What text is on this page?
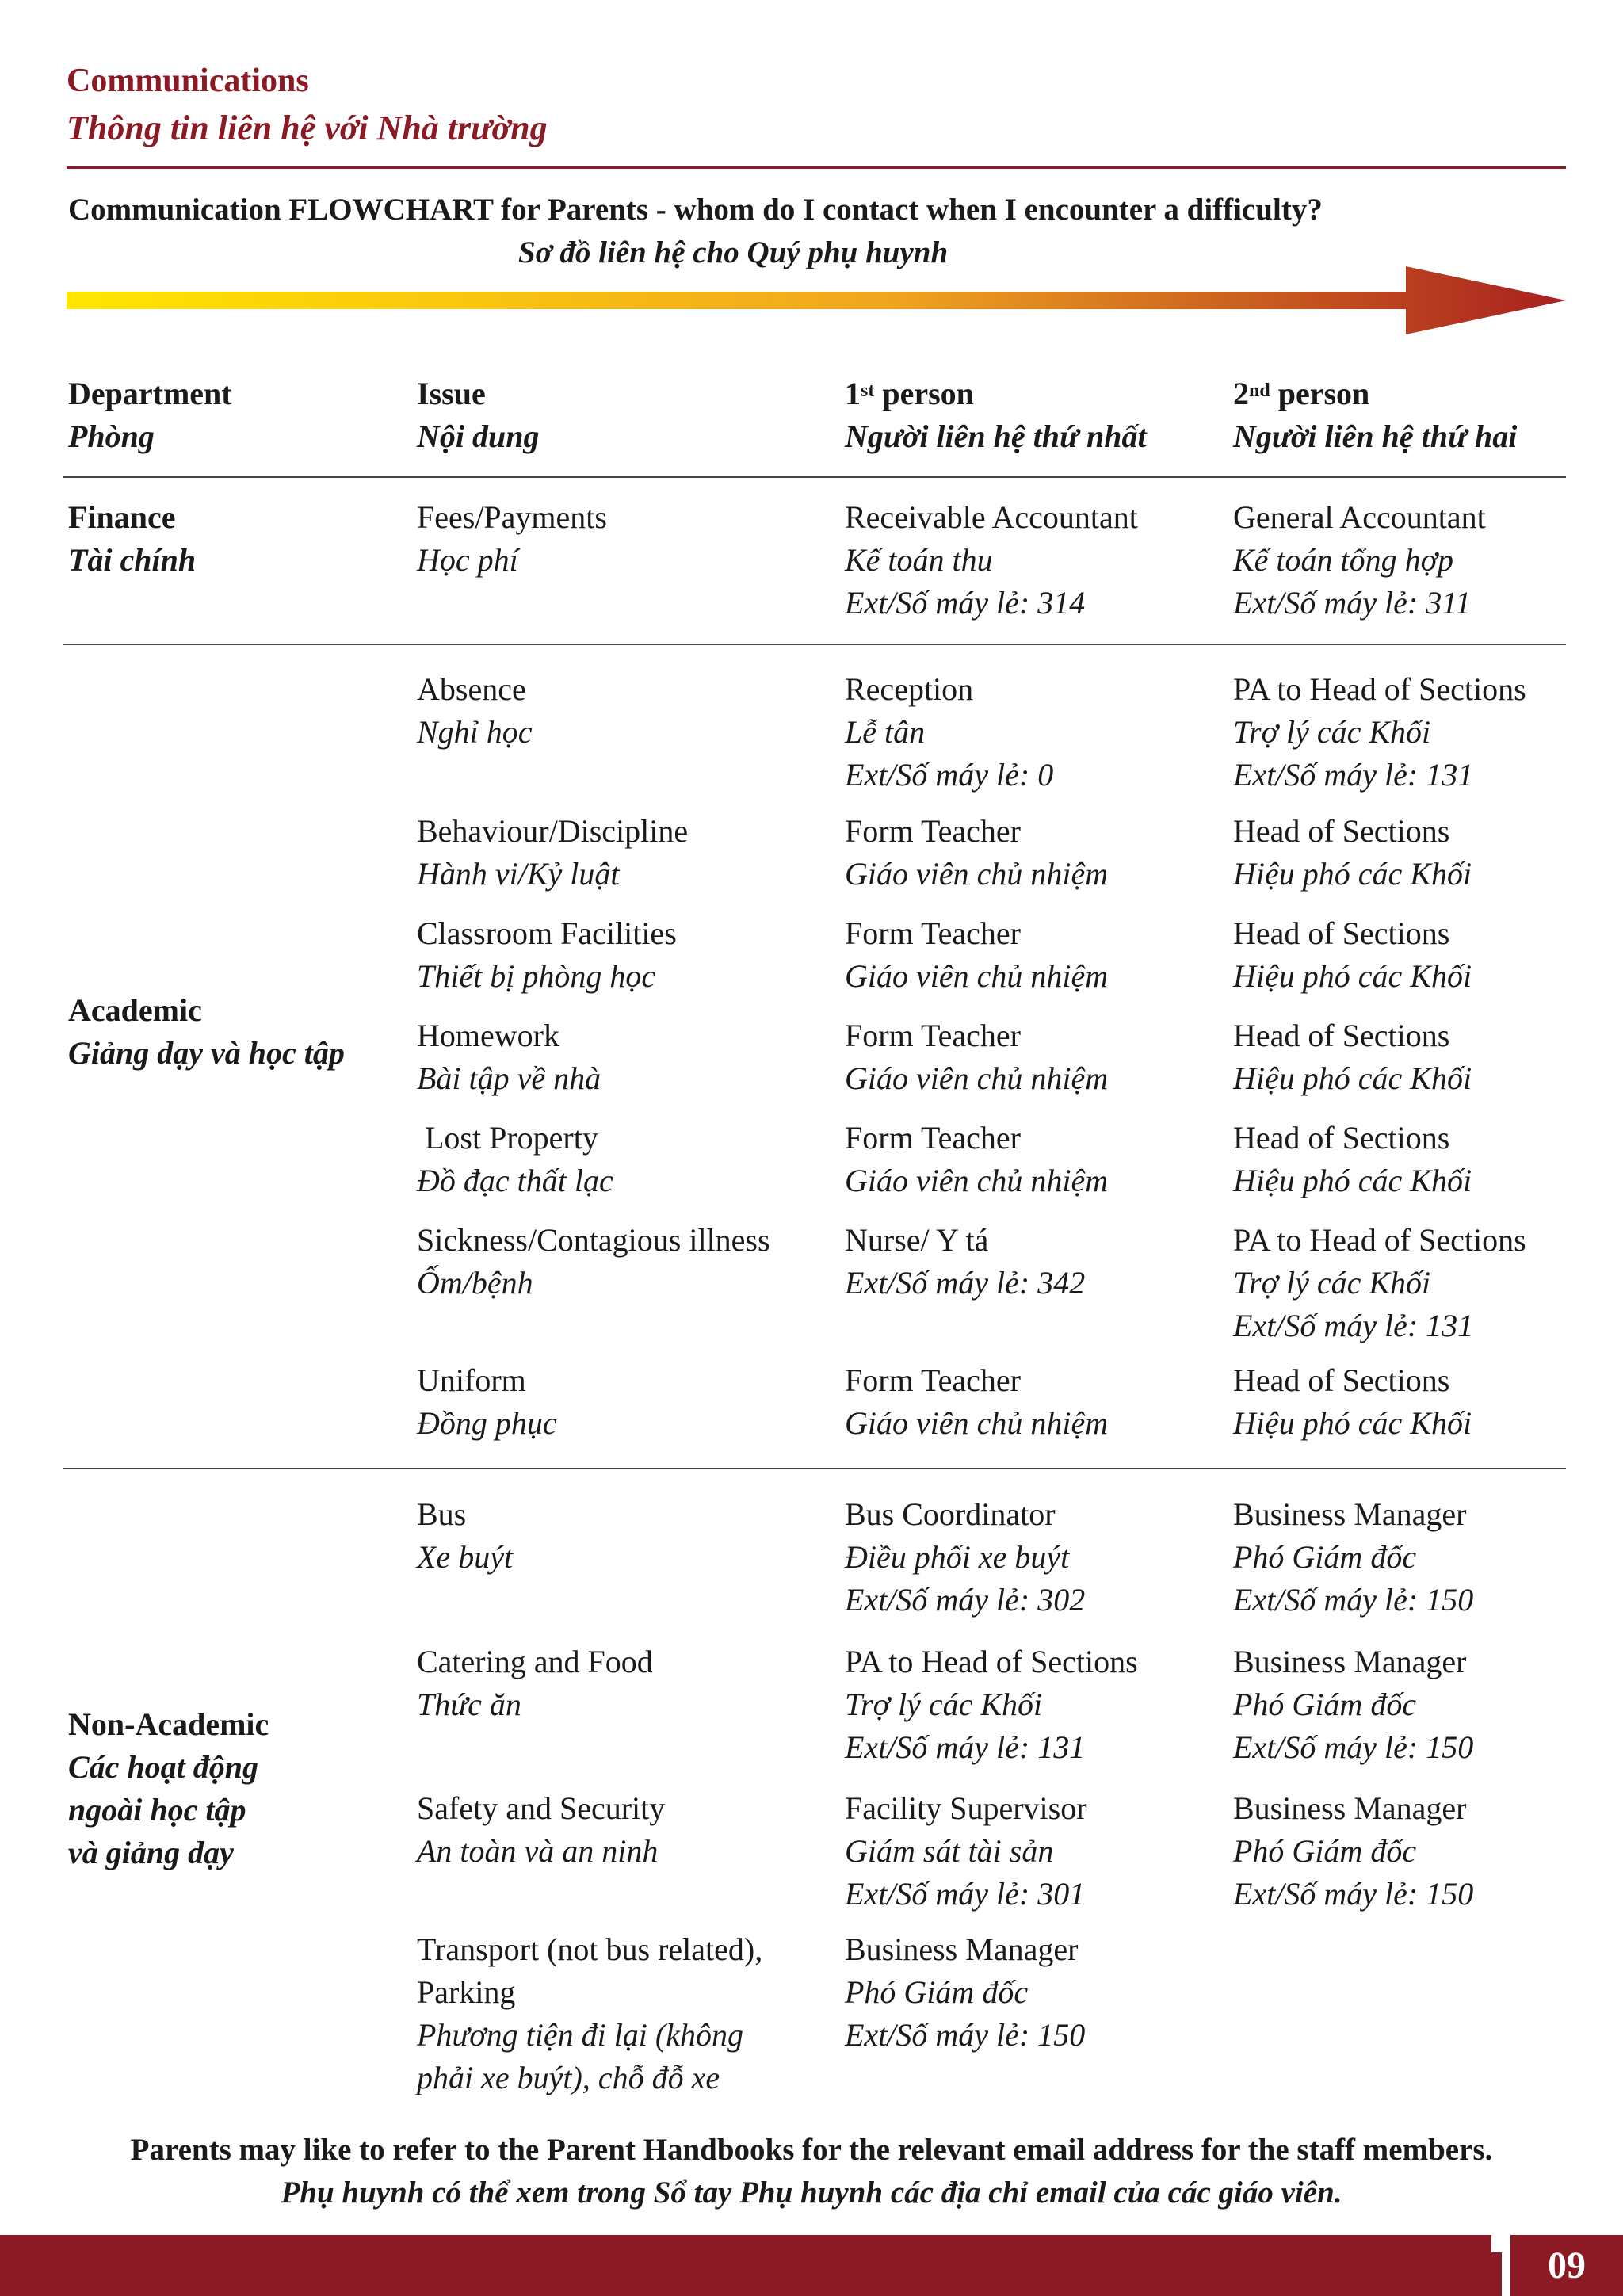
Communications
Thông tin liên hệ với Nhà trường
Communication FLOWCHART for Parents - whom do I contact when I encounter a difficulty?
Sơ đồ liên hệ cho Quý phụ huynh
Department
Phòng
Issue
Nội dung
1st person
Người liên hệ thứ nhất
2nd person
Người liên hệ thứ hai
Finance
Tài chính
Fees/Payments
Học phí
Receivable Accountant
Kế toán thu
Ext/Số máy lẻ: 314
General Accountant
Kế toán tổng hợp
Ext/Số máy lẻ: 311
Academic
Giảng dạy và học tập
Absence
Nghỉ học
Reception
Lễ tân
Ext/Số máy lẻ: 0
PA to Head of Sections
Trợ lý các Khối
Ext/Số máy lẻ: 131
Behaviour/Discipline
Hành vi/Kỷ luật
Form Teacher
Giáo viên chủ nhiệm
Head of Sections
Hiệu phó các Khối
Classroom Facilities
Thiết bị phòng học
Form Teacher
Giáo viên chủ nhiệm
Head of Sections
Hiệu phó các Khối
Homework
Bài tập về nhà
Form Teacher
Giáo viên chủ nhiệm
Head of Sections
Hiệu phó các Khối
Lost Property
Đồ đạc thất lạc
Form Teacher
Giáo viên chủ nhiệm
Head of Sections
Hiệu phó các Khối
Sickness/Contagious illness
Ốm/bệnh
Nurse/ Y tá
Ext/Số máy lẻ: 342
PA to Head of Sections
Trợ lý các Khối
Ext/Số máy lẻ: 131
Uniform
Đồng phục
Form Teacher
Giáo viên chủ nhiệm
Head of Sections
Hiệu phó các Khối
Non-Academic
Các hoạt động
ngoài học tập
và giảng dạy
Bus
Xe buýt
Bus Coordinator
Điều phối xe buýt
Ext/Số máy lẻ: 302
Business Manager
Phó Giám đốc
Ext/Số máy lẻ: 150
Catering and Food
Thức ăn
PA to Head of Sections
Trợ lý các Khối
Ext/Số máy lẻ: 131
Business Manager
Phó Giám đốc
Ext/Số máy lẻ: 150
Safety and Security
An toàn và an ninh
Facility Supervisor
Giám sát tài sản
Ext/Số máy lẻ: 301
Business Manager
Phó Giám đốc
Ext/Số máy lẻ: 150
Transport (not bus related),
Parking
Phương tiện đi lại (không
phải xe buýt), chỗ đỗ xe
Business Manager
Phó Giám đốc
Ext/Số máy lẻ: 150
Parents may like to refer to the Parent Handbooks for the relevant email address for the staff members.
Phụ huynh có thể xem trong Sổ tay Phụ huynh các địa chỉ email của các giáo viên.
09
